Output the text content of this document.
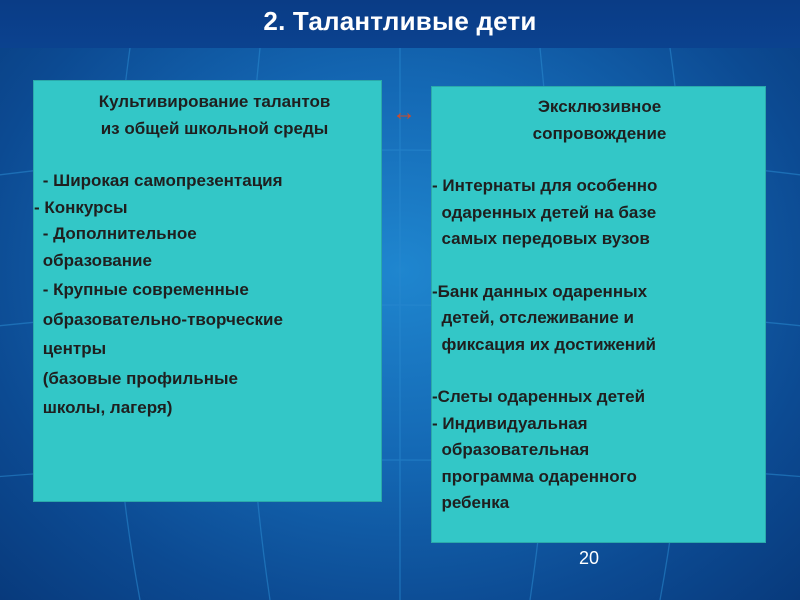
2. Талантливые дети
Культивирование талантов
из общей школьной среды
- Широкая самопрезентация
- Конкурсы
- Дополнительное
образование
- Крупные современные
образовательно-творческие
центры
(базовые профильные
школы, лагеря)
↔	Эксклюзивное
сопровождение
- Интернаты для особенно
одаренных детей на базе
самых передовых вузов
-Банк данных одаренных
детей, отслеживание и
фиксация их достижений
-Слеты одаренных детей
- Индивидуальная
образовательная
программа одаренного
ребенка
20
